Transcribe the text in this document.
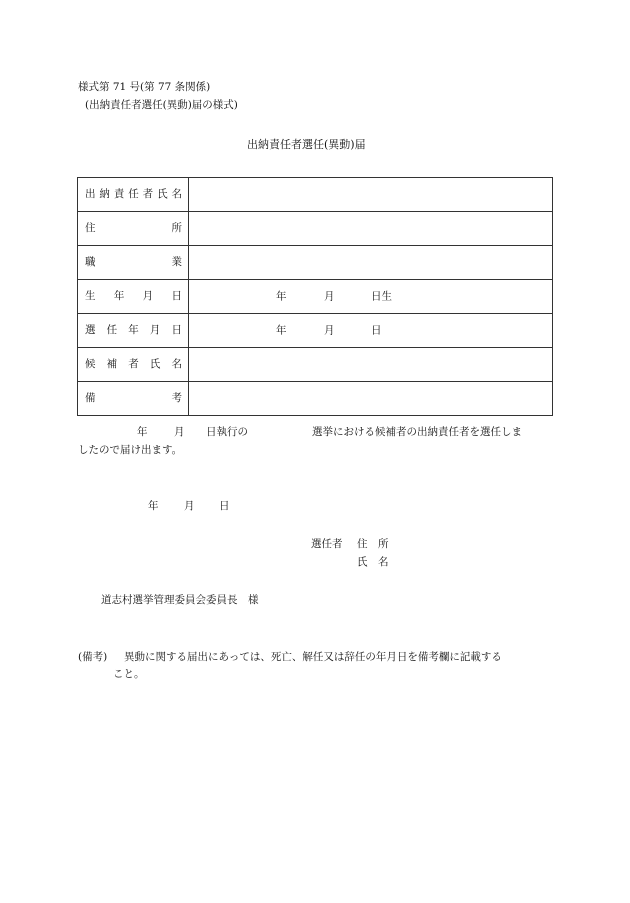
様式第 71 号(第 77 条関係)
(出納責任者選任(異動)届の様式)
出納責任者選任(異動)届
出納責任者氏名	

住所	

職業	

生年月日	年 月 日生

選任年月日	年 月 日

候補者氏名	

備考	

年	月 日執行の	選挙における候補者の出納責任者を選任しま
したので届け出ます。
年 月 日
選任者 住　所
氏　名
道志村選挙管理委員会委員長　様
(備考) 異動に関する届出にあっては、死亡、解任又は辞任の年月日を備考欄に記載する
こと。
